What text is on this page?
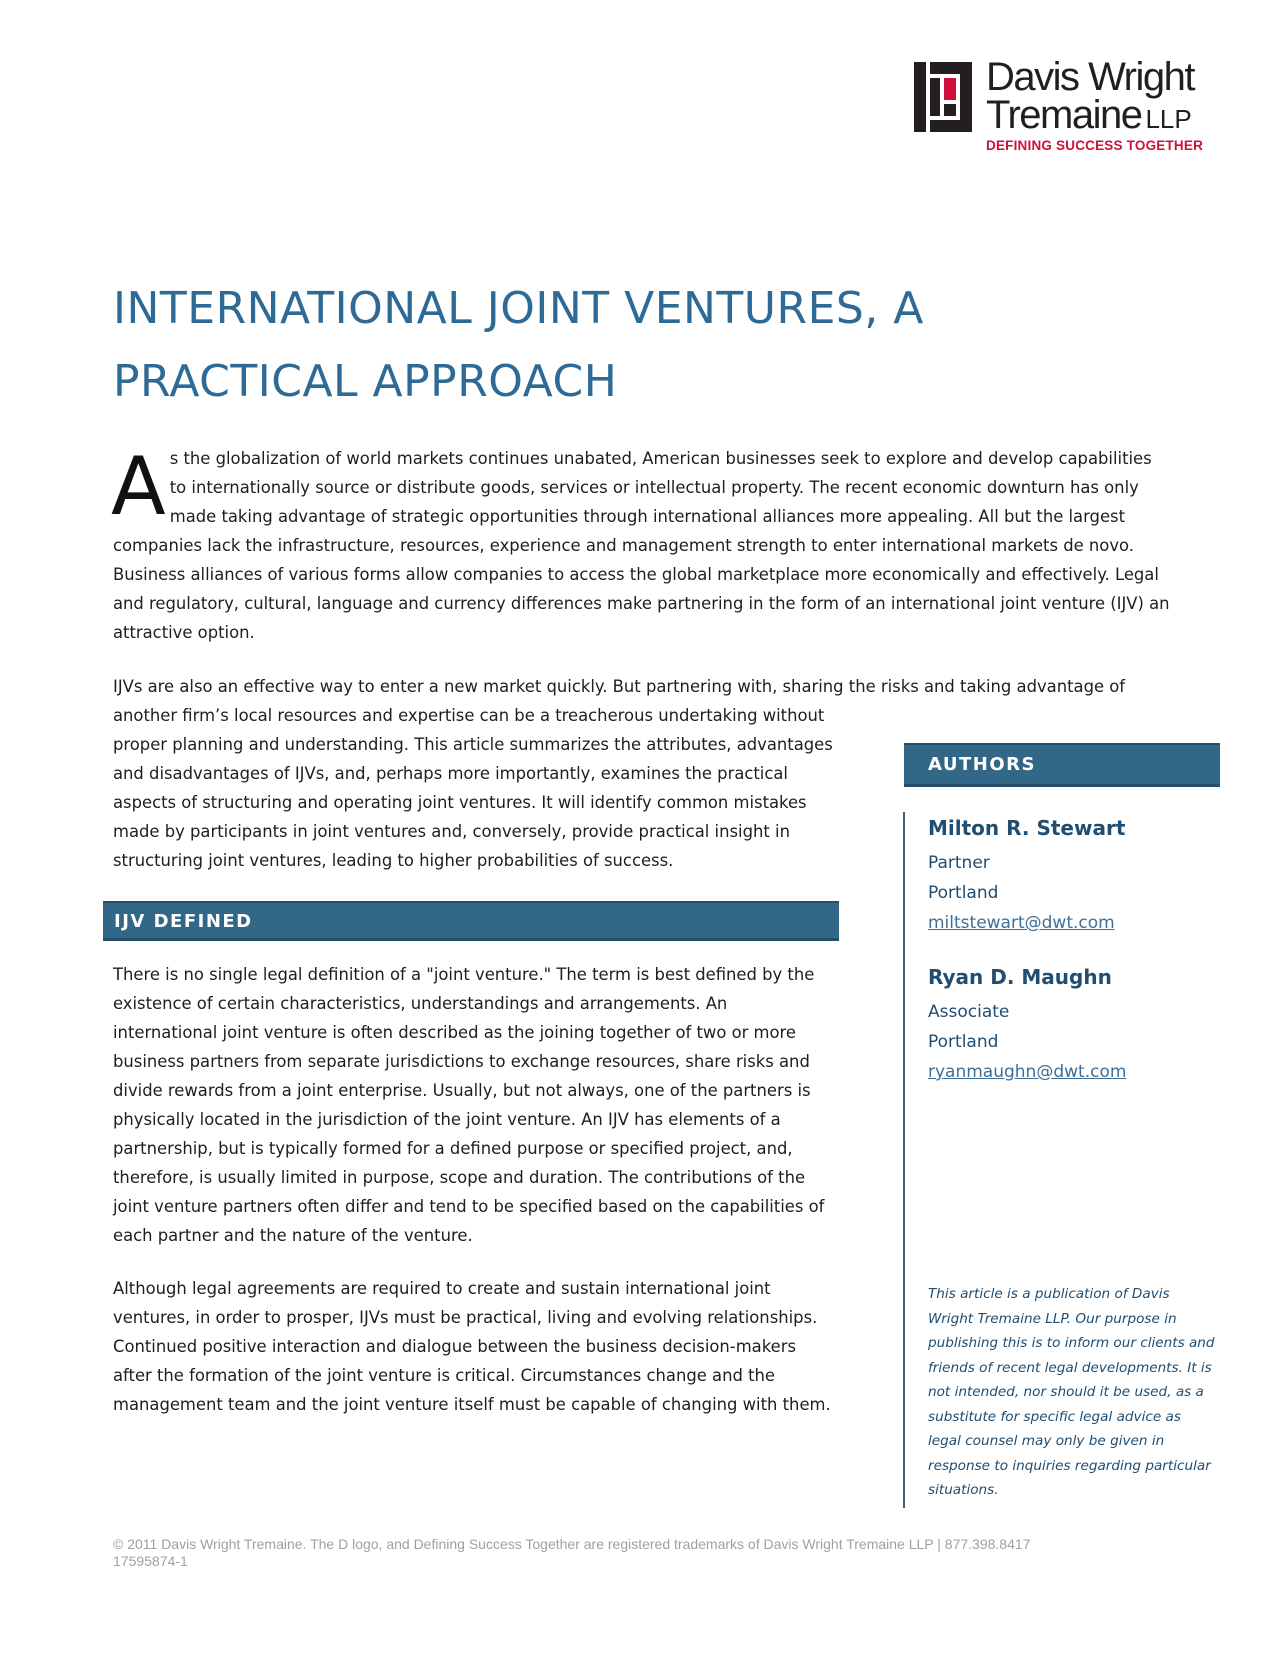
Davis Wright
Tremaine LLP
DEFINING SUCCESS TOGETHER
INTERNATIONAL JOINT VENTURES, A PRACTICAL APPROACH

As the globalization of world markets continues unabated, American businesses seek to explore and develop capabilities to internationally source or distribute goods, services or intellectual property. The recent economic downturn has only made taking advantage of strategic opportunities through international alliances more appealing. All but the largest companies lack the infrastructure, resources, experience and management strength to enter international markets de novo. Business alliances of various forms allow companies to access the global marketplace more economically and effectively. Legal and regulatory, cultural, language and currency differences make partnering in the form of an international joint venture (IJV) an attractive option.

IJVs are also an effective way to enter a new market quickly. But partnering with, sharing the risks and taking advantage of
another firm’s local resources and expertise can be a treacherous undertaking without proper planning and understanding. This article summarizes the attributes, advantages and disadvantages of IJVs, and, perhaps more importantly, examines the practical aspects of structuring and operating joint ventures. It will identify common mistakes made by participants in joint ventures and, conversely, provide practical insight in structuring joint ventures, leading to higher probabilities of success.

IJV DEFINED

There is no single legal definition of a "joint venture." The term is best defined by the existence of certain characteristics, understandings and arrangements. An international joint venture is often described as the joining together of two or more business partners from separate jurisdictions to exchange resources, share risks and divide rewards from a joint enterprise. Usually, but not always, one of the partners is physically located in the jurisdiction of the joint venture. An IJV has elements of a partnership, but is typically formed for a defined purpose or specified project, and, therefore, is usually limited in purpose, scope and duration. The contributions of the joint venture partners often differ and tend to be specified based on the capabilities of each partner and the nature of the venture.

Although legal agreements are required to create and sustain international joint ventures, in order to prosper, IJVs must be practical, living and evolving relationships. Continued positive interaction and dialogue between the business decision-makers after the formation of the joint venture is critical. Circumstances change and the management team and the joint venture itself must be capable of changing with them.

AUTHORS

Milton R. Stewart

Partner

Portland

miltstewart@dwt.com

Ryan D. Maughn

Associate

Portland

ryanmaughn@dwt.com

This article is a publication of Davis Wright Tremaine LLP. Our purpose in publishing this is to inform our clients and friends of recent legal developments. It is not intended, nor should it be used, as a substitute for specific legal advice as legal counsel may only be given in response to inquiries regarding particular situations.

© 2011 Davis Wright Tremaine. The D logo, and Defining Success Together are registered trademarks of Davis Wright Tremaine LLP | 877.398.8417
17595874-1
